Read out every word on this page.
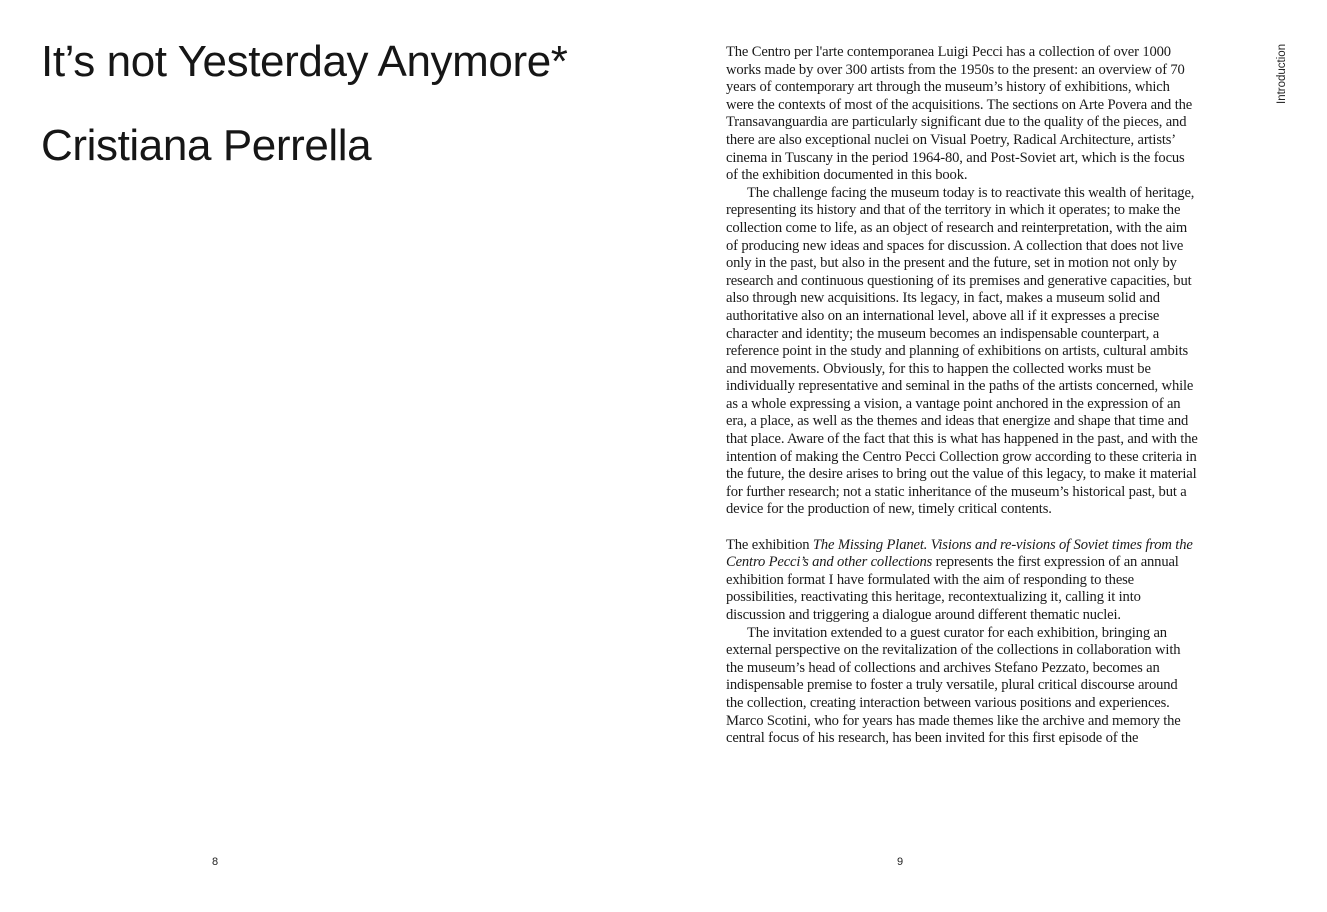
It’s not Yesterday Anymore*
Cristiana Perrella
8

The Centro per l'arte contemporanea Luigi Pecci has a collection of over 1000 works made by over 300 artists from the 1950s to the present: an overview of 70 years of contemporary art through the museum’s history of exhibitions, which were the contexts of most of the acquisitions. The sections on Arte Povera and the Transavanguardia are particularly significant due to the quality of the pieces, and there are also exceptional nuclei on Visual Poetry, Radical Architecture, artists’ cinema in Tuscany in the period 1964-80, and Post-Soviet art, which is the focus of the exhibition documented in this book.

The challenge facing the museum today is to reactivate this wealth of heritage, representing its history and that of the territory in which it operates; to make the collection come to life, as an object of research and reinterpretation, with the aim of producing new ideas and spaces for discussion. A collection that does not live only in the past, but also in the present and the future, set in motion not only by research and continuous questioning of its premises and generative capacities, but also through new acquisitions. Its legacy, in fact, makes a museum solid and authoritative also on an international level, above all if it expresses a precise character and identity; the museum becomes an indispensable counterpart, a reference point in the study and planning of exhibitions on artists, cultural ambits and movements. Obviously, for this to happen the collected works must be individually representative and seminal in the paths of the artists concerned, while as a whole expressing a vision, a vantage point anchored in the expression of an era, a place, as well as the themes and ideas that energize and shape that time and that place. Aware of the fact that this is what has happened in the past, and with the intention of making the Centro Pecci Collection grow according to these criteria in the future, the desire arises to bring out the value of this legacy, to make it material for further research; not a static inheritance of the museum’s historical past, but a device for the production of new, timely critical contents.

The exhibition The Missing Planet. Visions and re-visions of Soviet times from the Centro Pecci’s and other collections represents the first expression of an annual exhibition format I have formulated with the aim of responding to these possibilities, reactivating this heritage, recontextualizing it, calling it into discussion and triggering a dialogue around different thematic nuclei.

The invitation extended to a guest curator for each exhibition, bringing an external perspective on the revitalization of the collections in collaboration with the museum’s head of collections and archives Stefano Pezzato, becomes an indispensable premise to foster a truly versatile, plural critical discourse around the collection, creating interaction between various positions and experiences. Marco Scotini, who for years has made themes like the archive and memory the central focus of his research, has been invited for this first episode of the

Introduction
9
